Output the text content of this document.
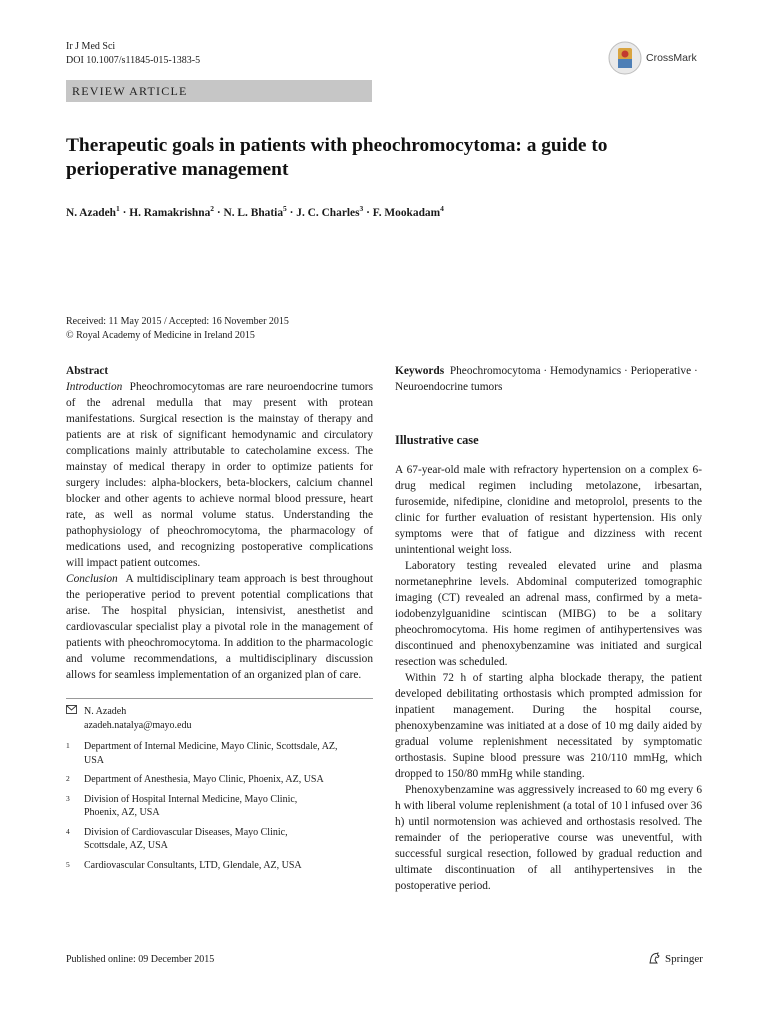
Ir J Med Sci
DOI 10.1007/s11845-015-1383-5	CrossMark
REVIEW ARTICLE
Therapeutic goals in patients with pheochromocytoma: a guide to perioperative management
N. Azadeh$^1$ · H. Ramakrishna$^2$ · N. L. Bhatia$^5$ · J. C. Charles$^3$ · F. Mookadam$^4$
Received: 11 May 2015 / Accepted: 16 November 2015
© Royal Academy of Medicine in Ireland 2015

Abstract

Introduction Pheochromocytomas are rare neuroendocrine tumors of the adrenal medulla that may present with protean manifestations. Surgical resection is the mainstay of therapy and patients are at risk of significant hemodynamic and circulatory complications mainly attributable to catecholamine excess. The mainstay of medical therapy in order to optimize patients for surgery includes: alpha-blockers, beta-blockers, calcium channel blocker and other agents to achieve normal blood pressure, heart rate, as well as normal volume status. Understanding the pathophysiology of pheochromocytoma, the pharmacology of medications used, and recognizing postoperative complications will impact patient outcomes.

Conclusion A multidisciplinary team approach is best throughout the perioperative period to prevent potential complications that arise. The hospital physician, intensivist, anesthetist and cardiovascular specialist play a pivotal role in the management of patients with pheochromocytoma. In addition to the pharmacologic and volume recommendations, a multidisciplinary discussion allows for seamless implementation of an organized plan of care.

N. Azadeh
azadeh.natalya@mayo.edu
1	Department of Internal Medicine, Mayo Clinic, Scottsdale, AZ, USA
2	Department of Anesthesia, Mayo Clinic, Phoenix, AZ, USA
3	Division of Hospital Internal Medicine, Mayo Clinic, Phoenix, AZ, USA
4	Division of Cardiovascular Diseases, Mayo Clinic, Scottsdale, AZ, USA
5	Cardiovascular Consultants, LTD, Glendale, AZ, USA

Keywords Pheochromocytoma · Hemodynamics · Perioperative · Neuroendocrine tumors

Illustrative case

A 67-year-old male with refractory hypertension on a complex 6-drug medical regimen including metolazone, irbesartan, furosemide, nifedipine, clonidine and metoprolol, presents to the clinic for further evaluation of resistant hypertension. His only symptoms were that of fatigue and dizziness with recent unintentional weight loss.

Laboratory testing revealed elevated urine and plasma normetanephrine levels. Abdominal computerized tomographic imaging (CT) revealed an adrenal mass, confirmed by a meta-iodobenzylguanidine scintiscan (MIBG) to be a solitary pheochromocytoma. His home regimen of antihypertensives was discontinued and phenoxybenzamine was initiated and surgical resection was scheduled.

Within 72 h of starting alpha blockade therapy, the patient developed debilitating orthostasis which prompted admission for inpatient management. During the hospital course, phenoxybenzamine was initiated at a dose of 10 mg daily aided by gradual volume replenishment necessitated by symptomatic orthostasis. Supine blood pressure was 210/110 mmHg, which dropped to 150/80 mmHg while standing.

Phenoxybenzamine was aggressively increased to 60 mg every 6 h with liberal volume replenishment (a total of 10 l infused over 36 h) until normotension was achieved and orthostasis resolved. The remainder of the perioperative course was uneventful, with successful surgical resection, followed by gradual reduction and ultimate discontinuation of all antihypertensives in the postoperative period.

Published online: 09 December 2015	Springer
